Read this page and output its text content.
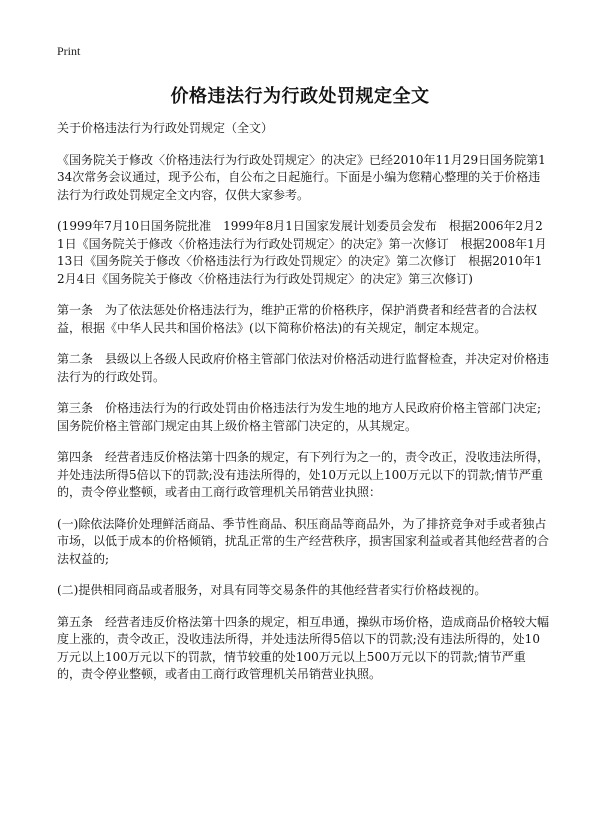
Print
价格违法行为行政处罚规定全文

关于价格违法行为行政处罚规定（全文）

《国务院关于修改〈价格违法行为行政处罚规定〉的决定》已经2010年11月29日国务院第134次常务会议通过，现予公布，自公布之日起施行。下面是小编为您精心整理的关于价格违法行为行政处罚规定全文内容，仅供大家参考。

(1999年7月10日国务院批准　1999年8月1日国家发展计划委员会发布　根据2006年2月21日《国务院关于修改〈价格违法行为行政处罚规定〉的决定》第一次修订　根据2008年1月13日《国务院关于修改〈价格违法行为行政处罚规定〉的决定》第二次修订　根据2010年12月4日《国务院关于修改〈价格违法行为行政处罚规定〉的决定》第三次修订)

第一条　为了依法惩处价格违法行为，维护正常的价格秩序，保护消费者和经营者的合法权益，根据《中华人民共和国价格法》(以下简称价格法)的有关规定，制定本规定。

第二条　县级以上各级人民政府价格主管部门依法对价格活动进行监督检查，并决定对价格违法行为的行政处罚。

第三条　价格违法行为的行政处罚由价格违法行为发生地的地方人民政府价格主管部门决定;国务院价格主管部门规定由其上级价格主管部门决定的，从其规定。

第四条　经营者违反价格法第十四条的规定，有下列行为之一的，责令改正，没收违法所得，并处违法所得5倍以下的罚款;没有违法所得的，处10万元以上100万元以下的罚款;情节严重的，责令停业整顿，或者由工商行政管理机关吊销营业执照：

(一)除依法降价处理鲜活商品、季节性商品、积压商品等商品外，为了排挤竞争对手或者独占市场，以低于成本的价格倾销，扰乱正常的生产经营秩序，损害国家利益或者其他经营者的合法权益的;

(二)提供相同商品或者服务，对具有同等交易条件的其他经营者实行价格歧视的。

第五条　经营者违反价格法第十四条的规定，相互串通，操纵市场价格，造成商品价格较大幅度上涨的，责令改正，没收违法所得，并处违法所得5倍以下的罚款;没有违法所得的，处10万元以上100万元以下的罚款，情节较重的处100万元以上500万元以下的罚款;情节严重的，责令停业整顿，或者由工商行政管理机关吊销营业执照。
